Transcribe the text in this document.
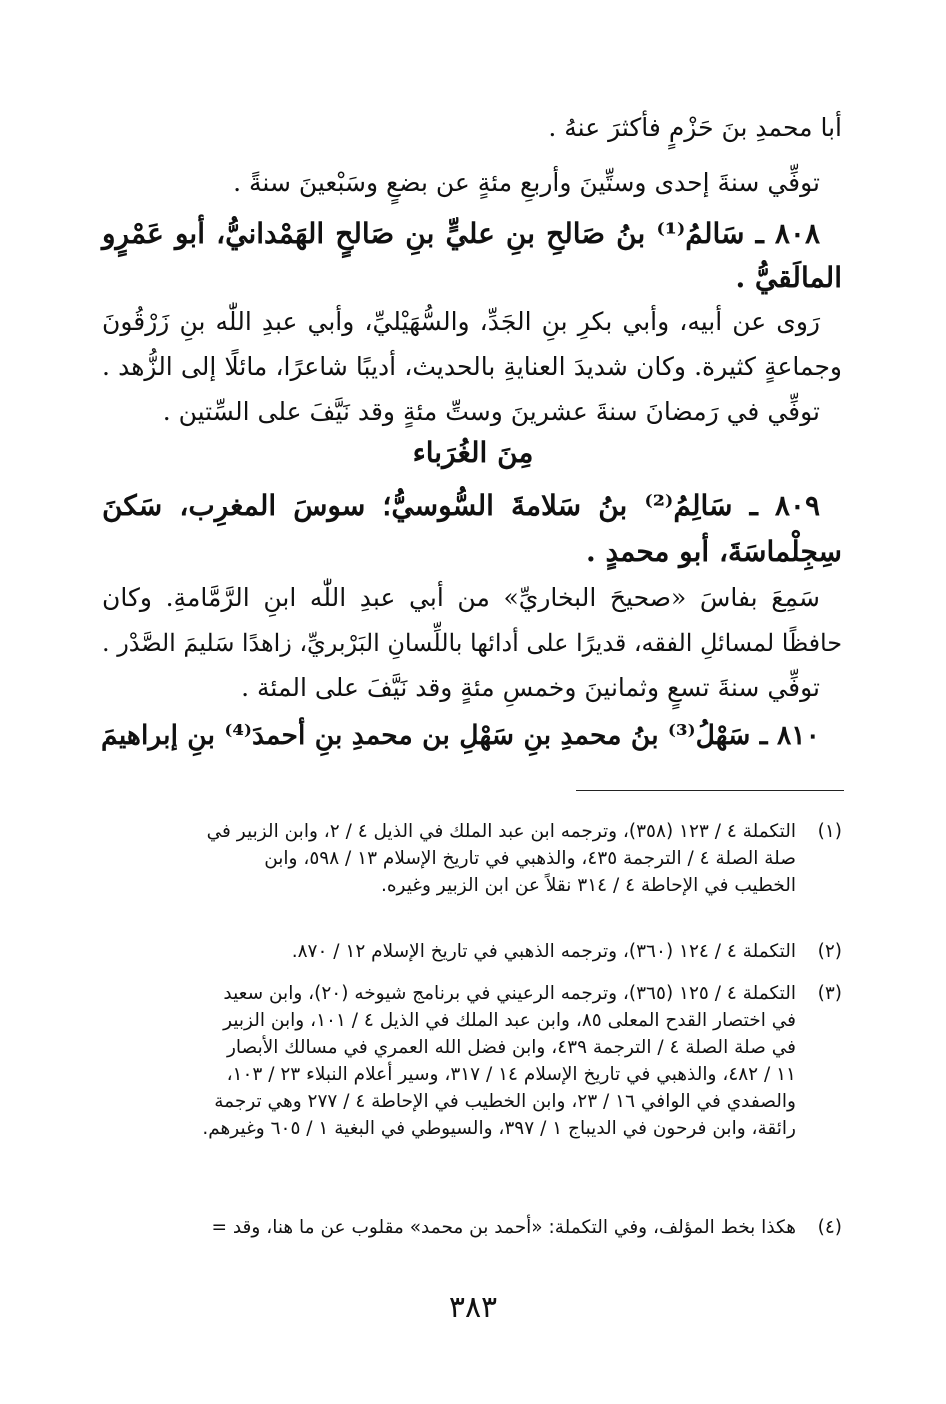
أبا محمدِ بنَ حَزْمٍ فأكثرَ عنهُ .
توفِّي سنةَ إحدى وستِّينَ وأربعِ مئةٍ عن بضعٍ وسَبْعينَ سنةً .
٨٠٨ ـ سَالمُ⁽¹⁾ بنُ صَالحِ بنِ عليٍّ بنِ صَالحٍ الهَمْدانيُّ، أبو عَمْرٍو
المالَقيُّ .
رَوى عن أبيه، وأبي بكرِ بنِ الجَدِّ، والسُّهَيْليِّ، وأبي عبدِ اللّٰه بنِ زَرْقُونَ
وجماعةٍ كثيرة. وكان شديدَ العنايةِ بالحديث، أديبًا شاعرًا، مائلًا إلى الزُّهد .
توفِّي في رَمضانَ سنةَ عشرينَ وستِّ مئةٍ وقد نَيَّفَ على السِّتين .
مِنَ الغُرَباء
٨٠٩ ـ سَالِمُ⁽²⁾ بنُ سَلامةَ السُّوسيُّ؛ سوسَ المغرِب، سَكنَ
سِجِلْماسَةَ، أبو محمدٍ .
سَمِعَ بفاسَ «صحيحَ البخاريِّ» من أبي عبدِ اللّٰه ابنِ الرَّمَّامةِ. وكان
حافظًا لمسائلِ الفقه، قديرًا على أدائها باللِّسانِ البَرْبريِّ، زاهدًا سَليمَ الصَّدْر .
توفِّي سنةَ تسعٍ وثمانينَ وخمسِ مئةٍ وقد نَيَّفَ على المئة .
٨١٠ ـ سَهْلُ⁽³⁾ بنُ محمدِ بنِ سَهْلِ بن محمدِ بنِ أحمدَ⁽⁴⁾ بنِ إبراهيمَ
(١)
التكملة ٤ / ١٢٣ (٣٥٨)، وترجمه ابن عبد الملك في الذيل ٤ / ٢، وابن الزبير في
صلة الصلة ٤ / الترجمة ٤٣٥، والذهبي في تاريخ الإسلام ١٣ / ٥٩٨، وابن
الخطيب في الإحاطة ٤ / ٣١٤ نقلاً عن ابن الزبير وغيره.
(٢)
التكملة ٤ / ١٢٤ (٣٦٠)، وترجمه الذهبي في تاريخ الإسلام ١٢ / ٨٧٠.
(٣)
التكملة ٤ / ١٢٥ (٣٦٥)، وترجمه الرعيني في برنامج شيوخه (٢٠)، وابن سعيد
في اختصار القدح المعلى ٨٥، وابن عبد الملك في الذيل ٤ / ١٠١، وابن الزبير
في صلة الصلة ٤ / الترجمة ٤٣٩، وابن فضل الله العمري في مسالك الأبصار
١١ / ٤٨٢، والذهبي في تاريخ الإسلام ١٤ / ٣١٧، وسير أعلام النبلاء ٢٣ / ١٠٣،
والصفدي في الوافي ١٦ / ٢٣، وابن الخطيب في الإحاطة ٤ / ٢٧٧ وهي ترجمة
رائقة، وابن فرحون في الديباج ١ / ٣٩٧، والسيوطي في البغية ١ / ٦٠٥ وغيرهم.
(٤)
هكذا بخط المؤلف، وفي التكملة: «أحمد بن محمد» مقلوب عن ما هنا، وقد =
٣٨٣
